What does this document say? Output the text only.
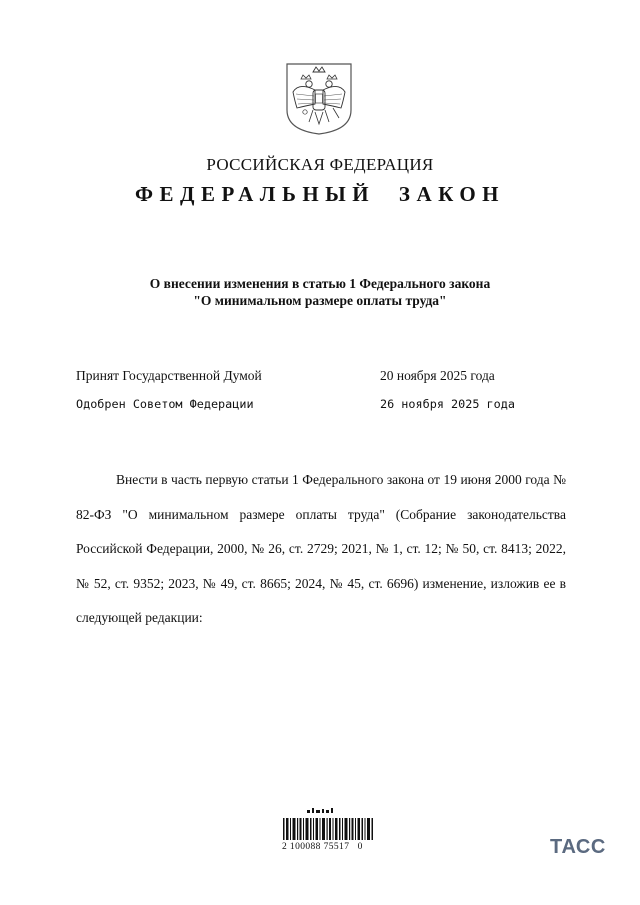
РОССИЙСКАЯ ФЕДЕРАЦИЯ
ФЕДЕРАЛЬНЫЙ ЗАКОН
О внесении изменения в статью 1 Федерального закона
"О минимальном размере оплаты труда"
Принят Государственной Думой	20 ноября 2025 года
Одобрен Советом Федерации	26 ноября 2025 года

Внести в часть первую статьи 1 Федерального закона от 19 июня 2000 года № 82-ФЗ "О минимальном размере оплаты труда" (Собрание законодательства Российской Федерации, 2000, № 26, ст. 2729; 2021, № 1, ст. 12; № 50, ст. 8413; 2022, № 52, ст. 9352; 2023, № 49, ст. 8665; 2024, № 45, ст. 6696) изменение, изложив ее в следующей редакции:

2 100088 75517   0	ТАСС
